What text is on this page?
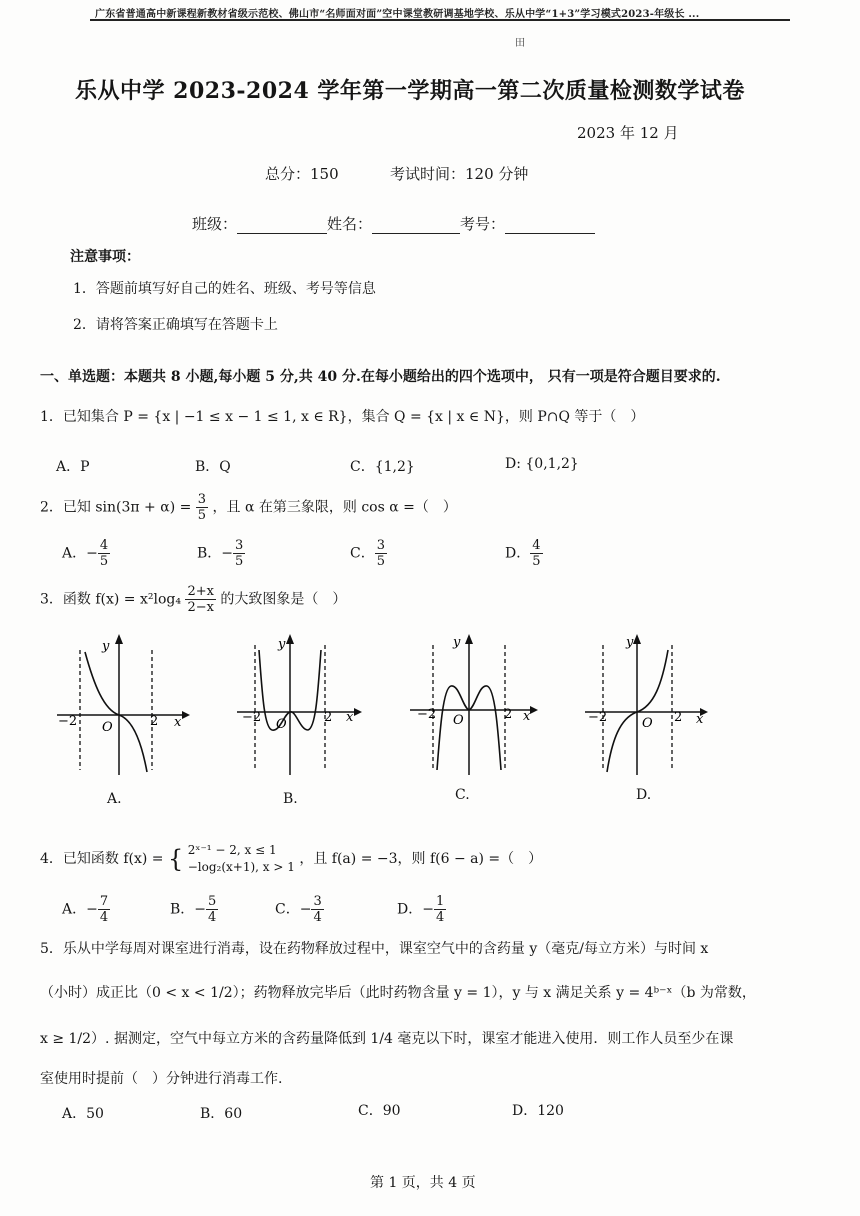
广东省普通高中新课程新教材省级示范校、佛山市“名师面对面”空中课堂教研调基地学校、乐从中学“1+3”学习模式2023-年级长 ...
田
乐从中学 2023-2024 学年第一学期高一第二次质量检测数学试卷
2023 年 12 月
总分：150	考试时间：120 分钟
班级：	姓名：	考号：
注意事项：
1．答题前填写好自己的姓名、班级、考号等信息
2．请将答案正确填写在答题卡上
一、单选题：本题共 8 小题,每小题 5 分,共 40 分.在每小题给出的四个选项中， 只有一项是符合题目要求的.
1．已知集合 P = {x | −1 ≤ x − 1 ≤ 1, x ∈ R}，集合 Q = {x | x ∈ N}，则 P∩Q 等于（　）
A．P	B．Q	C．{1,2}	D: {0,1,2}
2．已知 $\sin(3\pi + \alpha) = \frac{3}{5}$ ，且 α 在第三象限，则 cos α =（　）
A．− $\frac{4}{5}$	B．− $\frac{3}{5}$	C． $\frac{3}{5}$	D． $\frac{4}{5}$
3．函数 $f(x) = x^2\log_4 \frac{2+x}{2-x}$ 的大致图象是（　）
−2 O	2 x
y
A.
−2 O	2 x
y
B.
−2 O	2 x
y
C.
−2	O 2 x
y
D.
4．已知函数 f(x) = { 2ˣ⁻¹ − 2, x ≤ 1
−log₂(x+1), x > 1 ，且 f(a) = −3，则 f(6 − a) =（　）
A．− $\frac{7}{4}$	B．− $\frac{5}{4}$	C．− $\frac{3}{4}$	D．− $\frac{1}{4}$
5．乐从中学每周对课室进行消毒，设在药物释放过程中，课室空气中的含药量 y（毫克/每立方米）与时间 x
（小时）成正比（0 < x < 1/2）；药物释放完毕后（此时药物含量 y = 1），y 与 x 满足关系 y = 4ᵇ⁻ˣ（b 为常数，
x ≥ 1/2）. 据测定，空气中每立方米的含药量降低到 1/4 毫克以下时，课室才能进入使用．则工作人员至少在课
室使用时提前（　）分钟进行消毒工作.
A．50	B．60	C．90	D．120
第 1 页，共 4 页
